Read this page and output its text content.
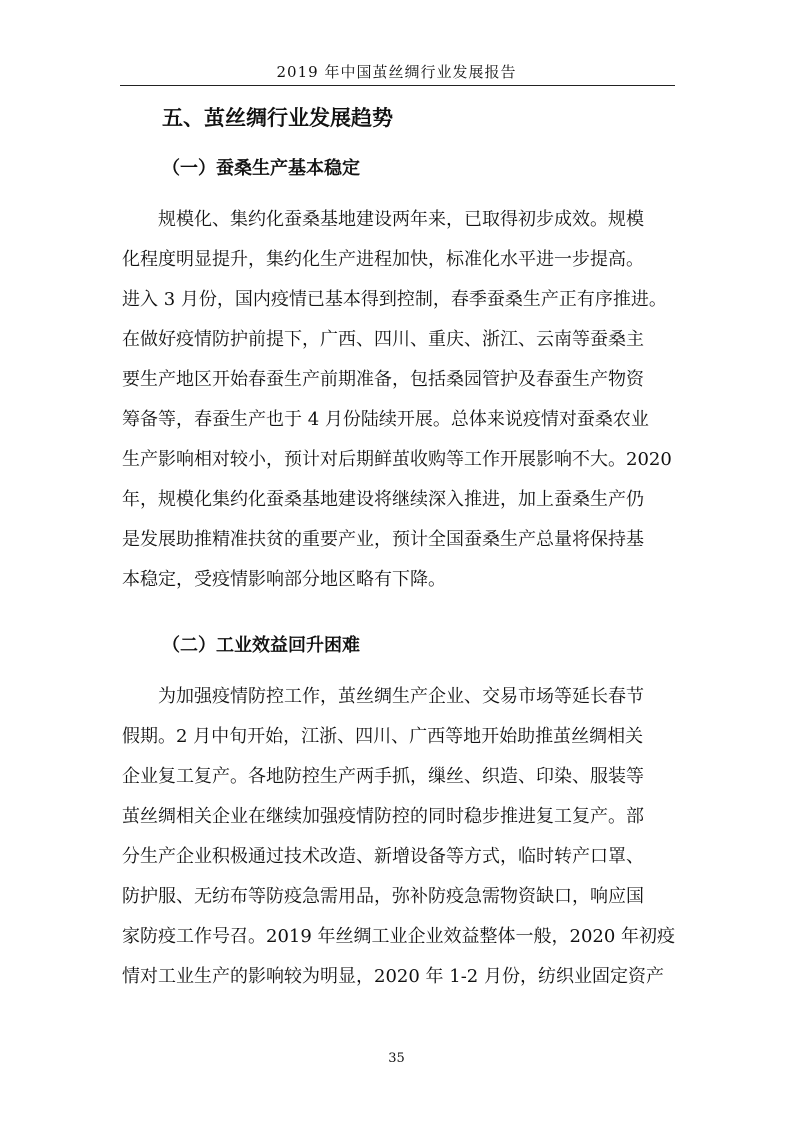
2019 年中国茧丝绸行业发展报告
五、茧丝绸行业发展趋势
（一）蚕桑生产基本稳定
　　规模化、集约化蚕桑基地建设两年来，已取得初步成效。规模
化程度明显提升，集约化生产进程加快，标准化水平进一步提高。
进入 3 月份，国内疫情已基本得到控制，春季蚕桑生产正有序推进。
在做好疫情防护前提下，广西、四川、重庆、浙江、云南等蚕桑主
要生产地区开始春蚕生产前期准备，包括桑园管护及春蚕生产物资
筹备等，春蚕生产也于 4 月份陆续开展。总体来说疫情对蚕桑农业
生产影响相对较小，预计对后期鲜茧收购等工作开展影响不大。2020
年，规模化集约化蚕桑基地建设将继续深入推进，加上蚕桑生产仍
是发展助推精准扶贫的重要产业，预计全国蚕桑生产总量将保持基
本稳定，受疫情影响部分地区略有下降。
（二）工业效益回升困难
　　为加强疫情防控工作，茧丝绸生产企业、交易市场等延长春节
假期。2 月中旬开始，江浙、四川、广西等地开始助推茧丝绸相关
企业复工复产。各地防控生产两手抓，缫丝、织造、印染、服装等
茧丝绸相关企业在继续加强疫情防控的同时稳步推进复工复产。部
分生产企业积极通过技术改造、新增设备等方式，临时转产口罩、
防护服、无纺布等防疫急需用品，弥补防疫急需物资缺口，响应国
家防疫工作号召。2019 年丝绸工业企业效益整体一般，2020 年初疫
情对工业生产的影响较为明显，2020 年 1-2 月份，纺织业固定资产
35
